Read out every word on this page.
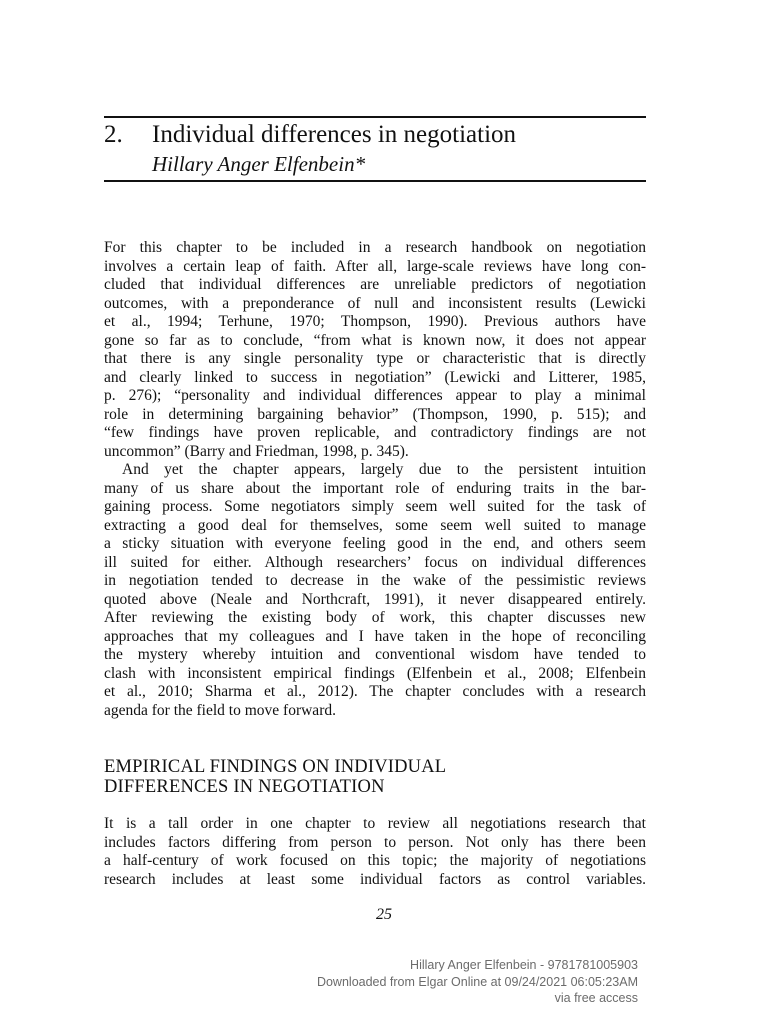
2. Individual differences in negotiation
Hillary Anger Elfenbein*
For this chapter to be included in a research handbook on negotiation
involves a certain leap of faith. After all, large-scale reviews have long con-
cluded that individual differences are unreliable predictors of negotiation
outcomes, with a preponderance of null and inconsistent results (Lewicki
et al., 1994; Terhune, 1970; Thompson, 1990). Previous authors have
gone so far as to conclude, “from what is known now, it does not appear
that there is any single personality type or characteristic that is directly
and clearly linked to success in negotiation” (Lewicki and Litterer, 1985,
p. 276); “personality and individual differences appear to play a minimal
role in determining bargaining behavior” (Thompson, 1990, p. 515); and
“few findings have proven replicable, and contradictory findings are not
uncommon” (Barry and Friedman, 1998, p. 345).
And yet the chapter appears, largely due to the persistent intuition
many of us share about the important role of enduring traits in the bar-
gaining process. Some negotiators simply seem well suited for the task of
extracting a good deal for themselves, some seem well suited to manage
a sticky situation with everyone feeling good in the end, and others seem
ill suited for either. Although researchers’ focus on individual differences
in negotiation tended to decrease in the wake of the pessimistic reviews
quoted above (Neale and Northcraft, 1991), it never disappeared entirely.
After reviewing the existing body of work, this chapter discusses new
approaches that my colleagues and I have taken in the hope of reconciling
the mystery whereby intuition and conventional wisdom have tended to
clash with inconsistent empirical findings (Elfenbein et al., 2008; Elfenbein
et al., 2010; Sharma et al., 2012). The chapter concludes with a research
agenda for the field to move forward.
EMPIRICAL FINDINGS ON INDIVIDUAL
DIFFERENCES IN NEGOTIATION
It is a tall order in one chapter to review all negotiations research that
includes factors differing from person to person. Not only has there been
a half-century of work focused on this topic; the majority of negotiations
research includes at least some individual factors as control variables.
25
Hillary Anger Elfenbein - 9781781005903
Downloaded from Elgar Online at 09/24/2021 06:05:23AM
via free access
